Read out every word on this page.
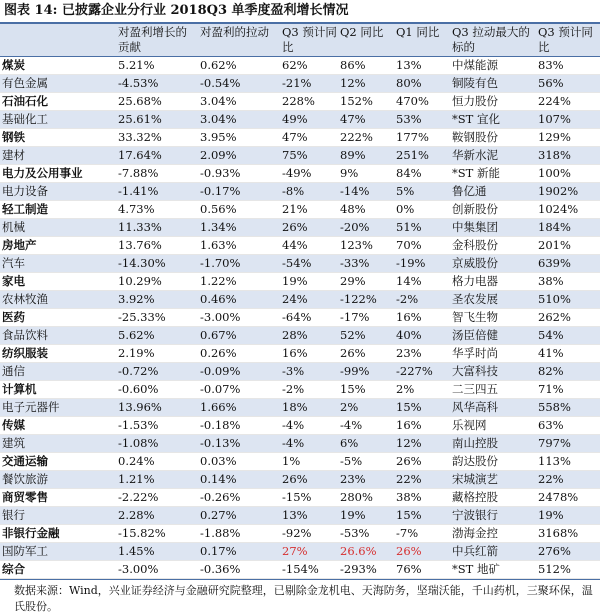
图表 14: 已披露企业分行业 2018Q3 单季度盈利增长情况
	对盈利增长的贡献	对盈利的拉动	Q3 预计同比	Q2 同比	Q1 同比	Q3 拉动最大的标的	Q3 预计同比
煤炭	5.21%	0.62%	62%	86%	13%	中煤能源	83%
有色金属	-4.53%	-0.54%	-21%	12%	80%	铜陵有色	56%
石油石化	25.68%	3.04%	228%	152%	470%	恒力股份	224%
基础化工	25.61%	3.04%	49%	47%	53%	*ST 宜化	107%
钢铁	33.32%	3.95%	47%	222%	177%	鞍钢股份	129%
建材	17.64%	2.09%	75%	89%	251%	华新水泥	318%
电力及公用事业	-7.88%	-0.93%	-49%	9%	84%	*ST 新能	100%
电力设备	-1.41%	-0.17%	-8%	-14%	5%	鲁亿通	1902%
轻工制造	4.73%	0.56%	21%	48%	0%	创新股份	1024%
机械	11.33%	1.34%	26%	-20%	51%	中集集团	184%
房地产	13.76%	1.63%	44%	123%	70%	金科股份	201%
汽车	-14.30%	-1.70%	-54%	-33%	-19%	京威股份	639%
家电	10.29%	1.22%	19%	29%	14%	格力电器	38%
农林牧渔	3.92%	0.46%	24%	-122%	-2%	圣农发展	510%
医药	-25.33%	-3.00%	-64%	-17%	16%	智飞生物	262%
食品饮料	5.62%	0.67%	28%	52%	40%	汤臣倍健	54%
纺织服装	2.19%	0.26%	16%	26%	23%	华孚时尚	41%
通信	-0.72%	-0.09%	-3%	-99%	-227%	大富科技	82%
计算机	-0.60%	-0.07%	-2%	15%	2%	二三四五	71%
电子元器件	13.96%	1.66%	18%	2%	15%	风华高科	558%
传媒	-1.53%	-0.18%	-4%	-4%	16%	乐视网	63%
建筑	-1.08%	-0.13%	-4%	6%	12%	南山控股	797%
交通运输	0.24%	0.03%	1%	-5%	26%	韵达股份	113%
餐饮旅游	1.21%	0.14%	26%	23%	22%	宋城演艺	22%
商贸零售	-2.22%	-0.26%	-15%	280%	38%	藏格控股	2478%
银行	2.28%	0.27%	13%	19%	15%	宁波银行	19%
非银行金融	-15.82%	-1.88%	-92%	-53%	-7%	渤海金控	3168%
国防军工	1.45%	0.17%	27%	26.6%	26%	中兵红箭	276%
综合	-3.00%	-0.36%	-154%	-293%	76%	*ST 地矿	512%
数据来源：Wind，兴业证券经济与金融研究院整理，已剔除金龙机电、天海防务，坚瑞沃能，千山药机，三聚环保，温氏股份。
